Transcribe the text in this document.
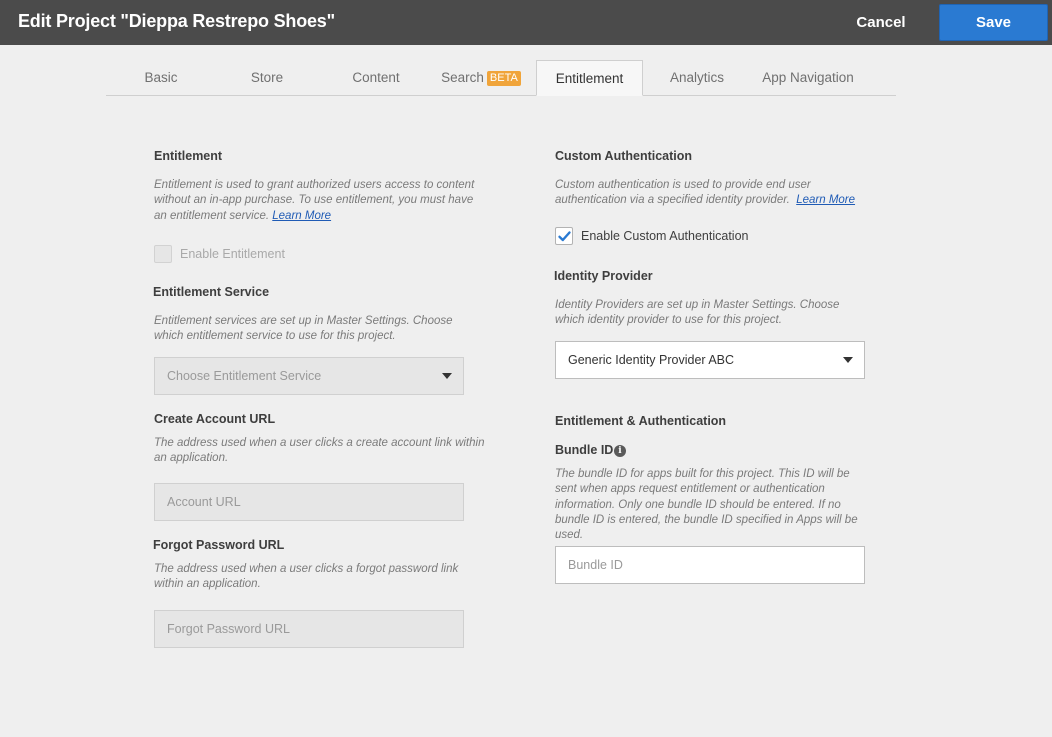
Edit Project "Dieppa Restrepo Shoes"	Cancel	Save
Basic	Store	Content	Search BETA	Entitlement	Analytics	App Navigation
Entitlement
Entitlement is used to grant authorized users access to content without an in-app purchase. To use entitlement, you must have an entitlement service. Learn More
Enable Entitlement
Entitlement Service
Entitlement services are set up in Master Settings. Choose which entitlement service to use for this project.
Choose Entitlement Service
Create Account URL
The address used when a user clicks a create account link within an application.
Account URL
Forgot Password URL
The address used when a user clicks a forgot password link within an application.
Forgot Password URL
Custom Authentication
Custom authentication is used to provide end user authentication via a specified identity provider. Learn More
Enable Custom Authentication
Identity Provider
Identity Providers are set up in Master Settings. Choose which identity provider to use for this project.
Generic Identity Provider ABC
Entitlement & Authentication
Bundle ID i
The bundle ID for apps built for this project. This ID will be sent when apps request entitlement or authentication information. Only one bundle ID should be entered. If no bundle ID is entered, the bundle ID specified in Apps will be used.
Bundle ID
